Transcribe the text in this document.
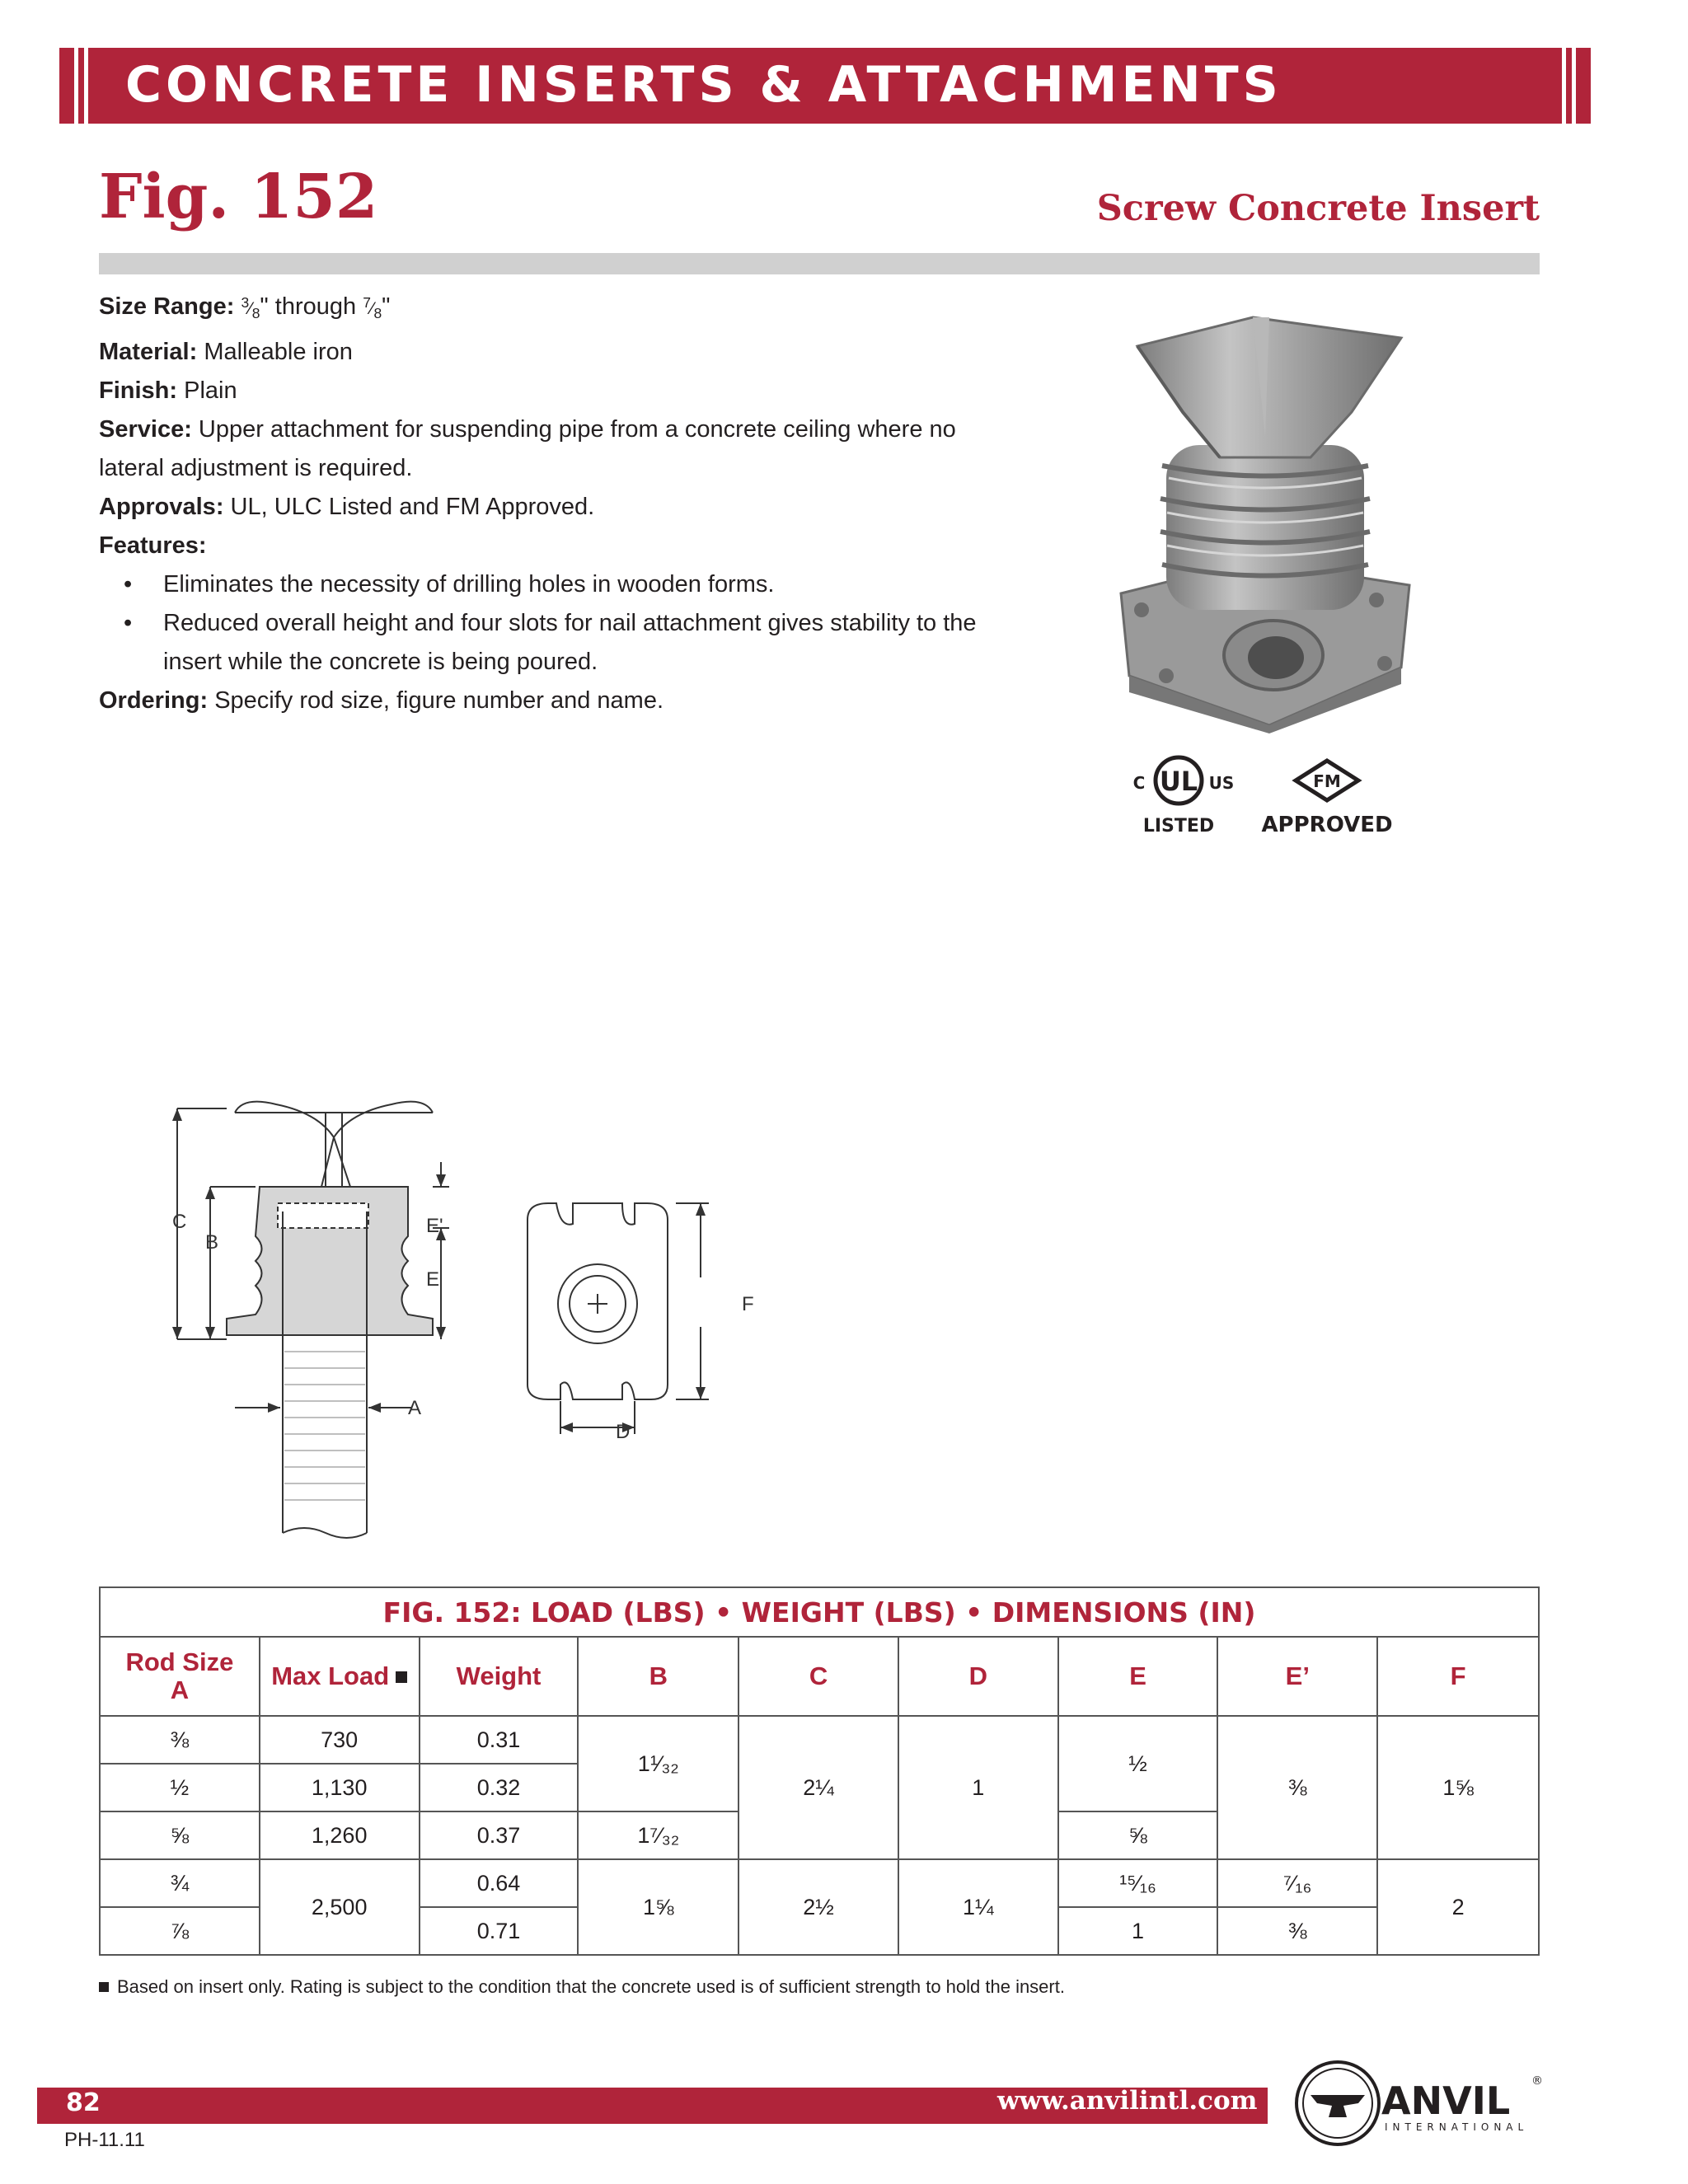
CONCRETE INSERTS & ATTACHMENTS
Fig. 152	Screw Concrete Insert

Size Range: $^3⁄_8$" through $^7⁄_8$"

Material: Malleable iron

Finish: Plain

Service: Upper attachment for suspending pipe from a concrete ceiling where no lateral adjustment is required.

Approvals: UL, ULC Listed and FM Approved.

Features:

• Eliminates the necessity of drilling holes in wooden forms.
• Reduced overall height and four slots for nail attachment gives stability to the insert while the concrete is being poured.

Ordering: Specify rod size, figure number and name.

UL
C	US
LISTED
FM
APPROVED
C
B
E'
E
A
F
D
FIG. 152: LOAD (LBS) • WEIGHT (LBS) • DIMENSIONS (IN)								
Rod Size
A	Max Load	Weight	B	C	D	E	E’	F
⅜	730	0.31	1¹⁄₃₂	2¼	1	½	⅜	1⅝
½	1,130	0.32						
⅝	1,260	0.37	1⁷⁄₃₂			⅝		
¾	2,500	0.64	1⅝	2½	1¼	¹⁵⁄₁₆	⁷⁄₁₆	2
⅞		0.71				1	⅜	
Based on insert only. Rating is subject to the condition that the concrete used is of sufficient strength to hold the insert.
82	www.anvilintl.com
PH-11.11
ANVIL ®
INTERNATIONAL
